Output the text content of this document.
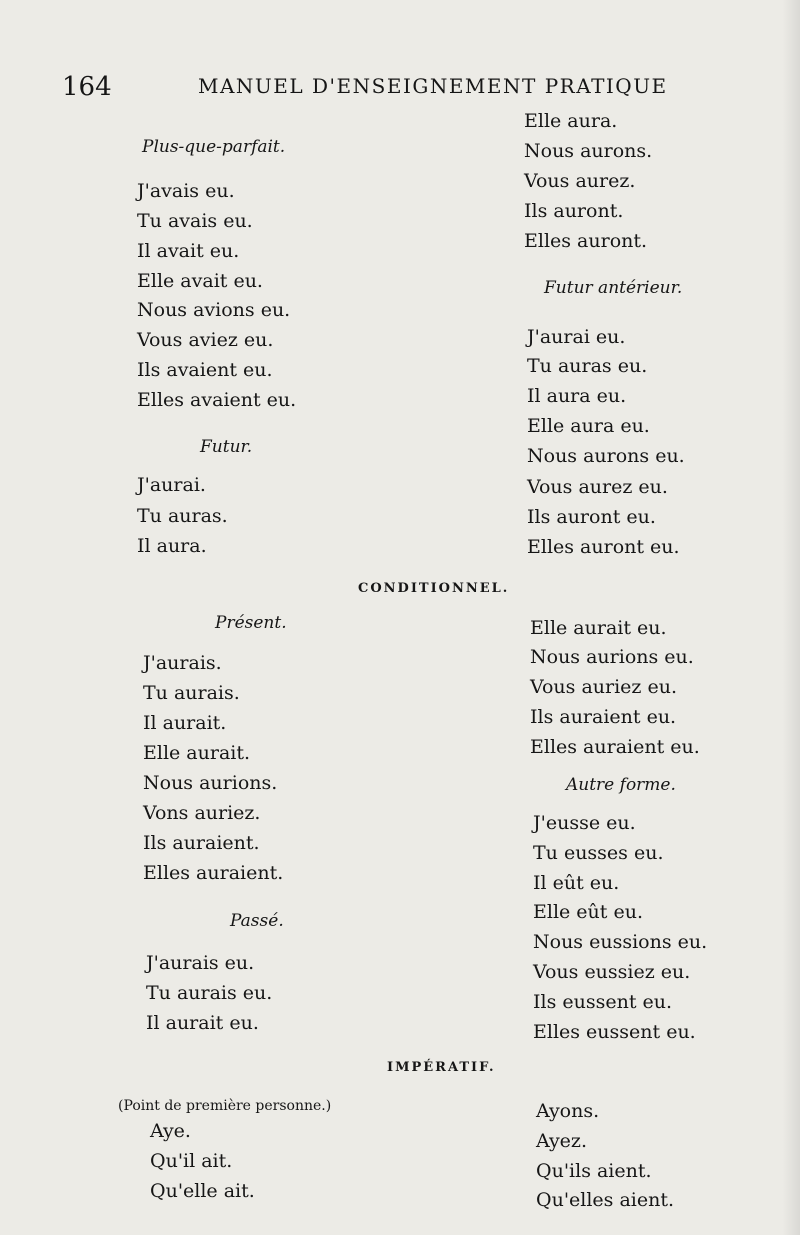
164	MANUEL D'ENSEIGNEMENT PRATIQUE
Plus-que-parfait.
J'avais eu.
Tu avais eu.
Il avait eu.
Elle avait eu.
Nous avions eu.
Vous aviez eu.
Ils avaient eu.
Elles avaient eu.
Futur.
J'aurai.
Tu auras.
Il aura.
Elle aura.
Nous aurons.
Vous aurez.
Ils auront.
Elles auront.
Futur antérieur.
J'aurai eu.
Tu auras eu.
Il aura eu.
Elle aura eu.
Nous aurons eu.
Vous aurez eu.
Ils auront eu.
Elles auront eu.
CONDITIONNEL.
Présent.
J'aurais.
Tu aurais.
Il aurait.
Elle aurait.
Nous aurions.
Vons auriez.
Ils auraient.
Elles auraient.
Passé.
J'aurais eu.
Tu aurais eu.
Il aurait eu.
Elle aurait eu.
Nous aurions eu.
Vous auriez eu.
Ils auraient eu.
Elles auraient eu.
Autre forme.
J'eusse eu.
Tu eusses eu.
Il eût eu.
Elle eût eu.
Nous eussions eu.
Vous eussiez eu.
Ils eussent eu.
Elles eussent eu.
IMPÉRATIF.
(Point de première personne.)
Aye.
Qu'il ait.
Qu'elle ait.
Ayons.
Ayez.
Qu'ils aient.
Qu'elles aient.
